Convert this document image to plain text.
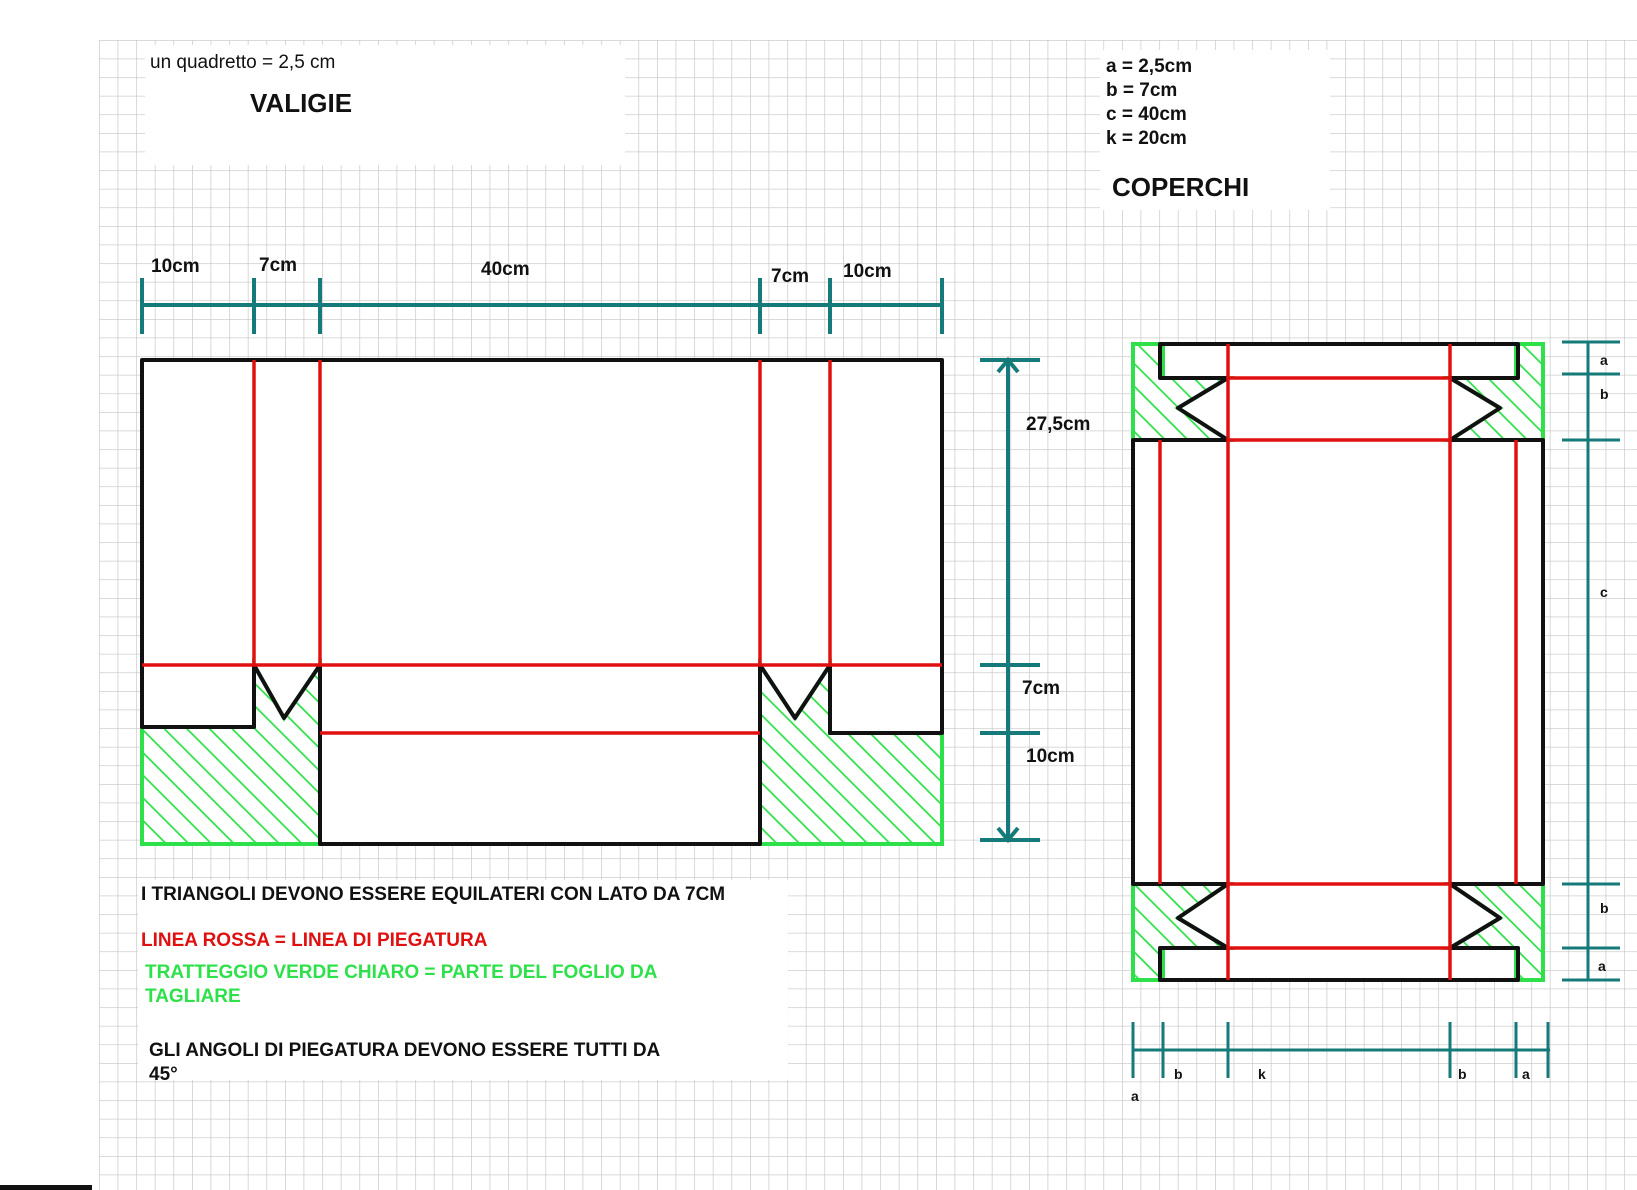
un quadretto = 2,5 cm
VALIGIE
10cm	7cm	40cm	7cm 10cm
27,5cm
7cm
10cm
a = 2,5cm
b = 7cm
c = 40cm
k = 20cm
COPERCHI
a
b
c
b
a
a
b	k	b	a
I TRIANGOLI DEVONO ESSERE EQUILATERI CON LATO DA 7CM
LINEA ROSSA = LINEA DI PIEGATURA
TRATTEGGIO VERDE CHIARO = PARTE DEL FOGLIO DA
TAGLIARE
GLI ANGOLI DI PIEGATURA DEVONO ESSERE TUTTI DA
45°
